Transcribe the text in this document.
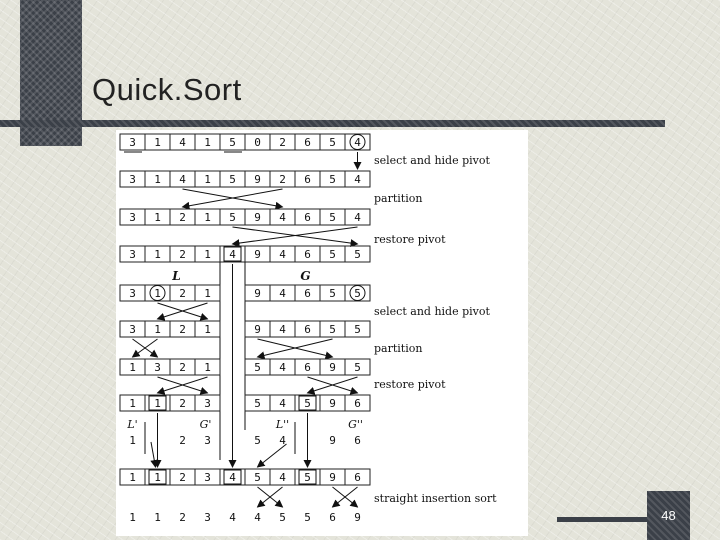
Quick.Sort
3 1 4 1 5 0 2 6 5 4
select and hide pivot
3 1 4 1 5 9 2 6 5 4
partition
3 1 2 1 5 9 4 6 5 4
restore pivot
3 1 2 1 4 9 4 6 5 5
L	G
3 1 2 1	9 4 6 5 5
select and hide pivot
3 1 2 1	9 4 6 5 5
partition
1 3 2 1	5 4 6 9 5
restore pivot
1 1 2 3	5 4 5 9 6
L'	G'	L''	G''
1	2 3	5 4	9 6
1 1 2 3 4 5 4 5 9 6
straight insertion sort
1 1 2 3 4 4 5 5 6 9	48
